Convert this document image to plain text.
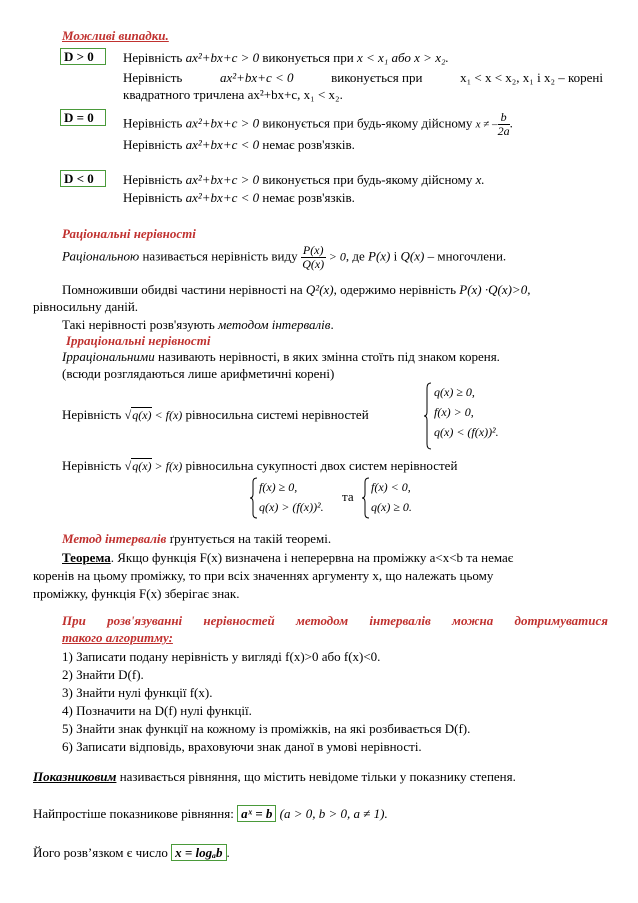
Можливі випадки.
D > 0	Нерівність ax²+bx+c > 0 виконується при x < x₁ або x > x₂.
Нерівність	ax²+bx+c < 0	виконується при	x₁ < x < x₂, x₁ і x₂ – корені
квадратного тричлена ax²+bx+c, x₁ < x₂.
D = 0	Нерівність ax²+bx+c > 0 виконується при будь-якому дійсному x ≠ – $\frac{b}{2a}$ .
Нерівність ax²+bx+c < 0 немає розв'язків.
D < 0	Нерівність ax²+bx+c > 0 виконується при будь-якому дійсному x.
Нерівність ax²+bx+c < 0 немає розв'язків.
Раціональні нерівності
Раціональною називається нерівність виду $\frac{P(x)}{Q(x)} > 0$, де P(x) і Q(x) – многочлени.
Помноживши обидві частини нерівності на Q²(x), одержимо нерівність P(x) ·Q(x)>0,
рівносильну даній.
Такі нерівності розв'язують методом інтервалів.
Ірраціональні нерівності
Ірраціональними називають нерівності, в яких змінна стоїть під знаком кореня.
(всюди розглядаються лише арифметичні корені)
Нерівність √q(x) < f(x) рівносильна системі нерівностей
q(x) ≥ 0,
f(x) > 0,
q(x) < (f(x))².
Нерівність √q(x) > f(x) рівносильна сукупності двох систем нерівностей
f(x) ≥ 0,
q(x) > (f(x))².
та
f(x) < 0,
q(x) ≥ 0.
Метод інтервалів ґрунтується на такій теоремі.
Теорема. Якщо функція F(x) визначена і неперервна на проміжку a<x<b та немає
коренів на цьому проміжку, то при всіх значеннях аргументу x, що належать цьому
проміжку, функція F(x) зберігає знак.
При розв'язуванні нерівностей методом інтервалів можна дотримуватися
такого алгоритму:
1) Записати подану нерівність у вигляді f(x)>0 або f(x)<0.
2) Знайти D(f).
3) Знайти нулі функції f(x).
4) Позначити на D(f) нулі функції.
5) Знайти знак функції на кожному із проміжків, на які розбивається D(f).
6) Записати відповідь, враховуючи знак даної в умові нерівності.
Показниковим називається рівняння, що містить невідоме тільки у показнику степеня.
Найпростіше показникове рівняння: aˣ = b (a > 0, b > 0, a ≠ 1).
Його розв’язком є число x = logₐb .
